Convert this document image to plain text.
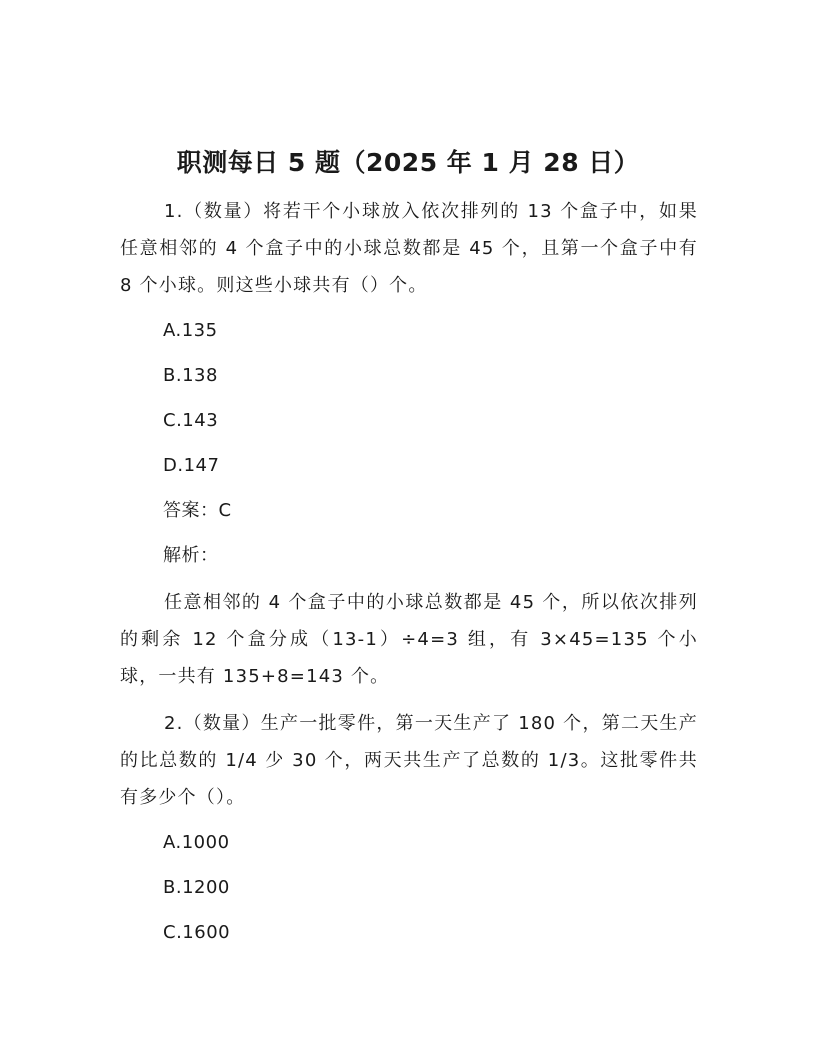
职测每日 5 题（2025 年 1 月 28 日）
1.（数量）将若干个小球放入依次排列的 13 个盒子中，如果任意相邻的 4 个盒子中的小球总数都是 45 个，且第一个盒子中有 8 个小球。则这些小球共有（）个。
A.135
B.138
C.143
D.147
答案：C
解析：
任意相邻的 4 个盒子中的小球总数都是 45 个，所以依次排列的剩余 12 个盒分成（13-1）÷4=3 组，有 3×45=135 个小球，一共有 135+8=143 个。
2.（数量）生产一批零件，第一天生产了 180 个，第二天生产的比总数的 1/4 少 30 个，两天共生产了总数的 1/3。这批零件共有多少个（）。
A.1000
B.1200
C.1600
